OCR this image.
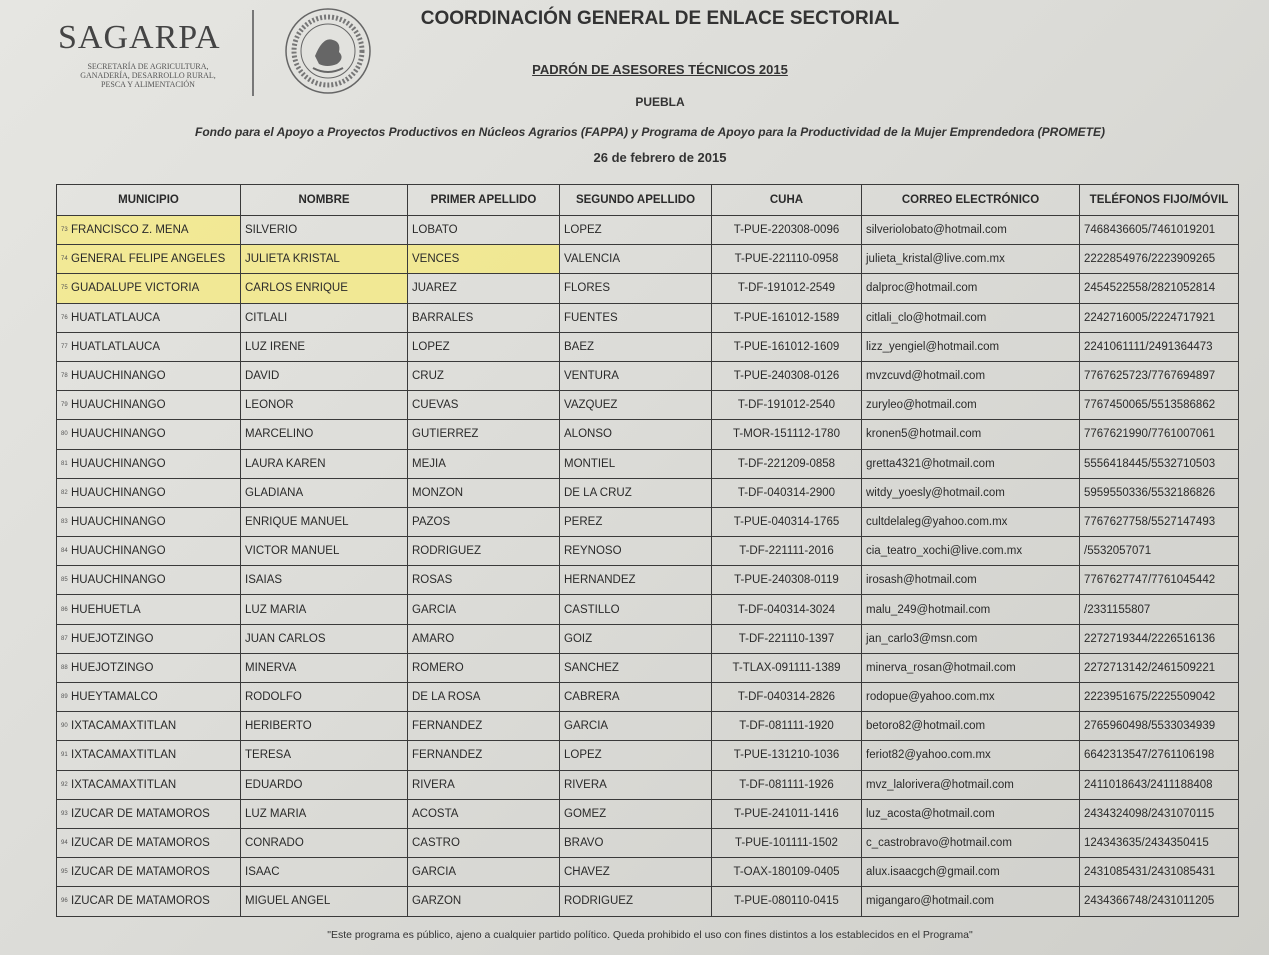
SAGARPA
SECRETARÍA DE AGRICULTURA,
GANADERÍA, DESARROLLO RURAL,
PESCA Y ALIMENTACIÓN
COORDINACIÓN GENERAL DE ENLACE SECTORIAL
PADRÓN DE ASESORES TÉCNICOS 2015
PUEBLA
Fondo para el Apoyo a Proyectos Productivos en Núcleos Agrarios (FAPPA) y Programa de Apoyo para la Productividad de la Mujer Emprendedora (PROMETE)
26 de febrero de 2015
MUNICIPIO	NOMBRE	PRIMER APELLIDO	SEGUNDO APELLIDO	CUHA	CORREO ELECTRÓNICO	TELÉFONOS FIJO/MÓVIL
73 FRANCISCO Z. MENA	SILVERIO	LOBATO	LOPEZ	T-PUE-220308-0096	silveriolobato@hotmail.com	7468436605/7461019201
74 GENERAL FELIPE ANGELES	JULIETA KRISTAL	VENCES	VALENCIA	T-PUE-221110-0958	julieta_kristal@live.com.mx	2222854976/2223909265
75 GUADALUPE VICTORIA	CARLOS ENRIQUE	JUAREZ	FLORES	T-DF-191012-2549	dalproc@hotmail.com	2454522558/2821052814
76 HUATLATLAUCA	CITLALI	BARRALES	FUENTES	T-PUE-161012-1589	citlali_clo@hotmail.com	2242716005/2224717921
77 HUATLATLAUCA	LUZ IRENE	LOPEZ	BAEZ	T-PUE-161012-1609	lizz_yengiel@hotmail.com	2241061111/2491364473
78 HUAUCHINANGO	DAVID	CRUZ	VENTURA	T-PUE-240308-0126	mvzcuvd@hotmail.com	7767625723/7767694897
79 HUAUCHINANGO	LEONOR	CUEVAS	VAZQUEZ	T-DF-191012-2540	zuryleo@hotmail.com	7767450065/5513586862
80 HUAUCHINANGO	MARCELINO	GUTIERREZ	ALONSO	T-MOR-151112-1780	kronen5@hotmail.com	7767621990/7761007061
81 HUAUCHINANGO	LAURA KAREN	MEJIA	MONTIEL	T-DF-221209-0858	gretta4321@hotmail.com	5556418445/5532710503
82 HUAUCHINANGO	GLADIANA	MONZON	DE LA CRUZ	T-DF-040314-2900	witdy_yoesly@hotmail.com	5959550336/5532186826
83 HUAUCHINANGO	ENRIQUE MANUEL	PAZOS	PEREZ	T-PUE-040314-1765	cultdelaleg@yahoo.com.mx	7767627758/5527147493
84 HUAUCHINANGO	VICTOR MANUEL	RODRIGUEZ	REYNOSO	T-DF-221111-2016	cia_teatro_xochi@live.com.mx	/5532057071
85 HUAUCHINANGO	ISAIAS	ROSAS	HERNANDEZ	T-PUE-240308-0119	irosash@hotmail.com	7767627747/7761045442
86 HUEHUETLA	LUZ MARIA	GARCIA	CASTILLO	T-DF-040314-3024	malu_249@hotmail.com	/2331155807
87 HUEJOTZINGO	JUAN CARLOS	AMARO	GOIZ	T-DF-221110-1397	jan_carlo3@msn.com	2272719344/2226516136
88 HUEJOTZINGO	MINERVA	ROMERO	SANCHEZ	T-TLAX-091111-1389	minerva_rosan@hotmail.com	2272713142/2461509221
89 HUEYTAMALCO	RODOLFO	DE LA ROSA	CABRERA	T-DF-040314-2826	rodopue@yahoo.com.mx	2223951675/2225509042
90 IXTACAMAXTITLAN	HERIBERTO	FERNANDEZ	GARCIA	T-DF-081111-1920	betoro82@hotmail.com	2765960498/5533034939
91 IXTACAMAXTITLAN	TERESA	FERNANDEZ	LOPEZ	T-PUE-131210-1036	feriot82@yahoo.com.mx	6642313547/2761106198
92 IXTACAMAXTITLAN	EDUARDO	RIVERA	RIVERA	T-DF-081111-1926	mvz_lalorivera@hotmail.com	2411018643/2411188408
93 IZUCAR DE MATAMOROS	LUZ MARIA	ACOSTA	GOMEZ	T-PUE-241011-1416	luz_acosta@hotmail.com	2434324098/2431070115
94 IZUCAR DE MATAMOROS	CONRADO	CASTRO	BRAVO	T-PUE-101111-1502	c_castrobravo@hotmail.com	124343635/2434350415
95 IZUCAR DE MATAMOROS	ISAAC	GARCIA	CHAVEZ	T-OAX-180109-0405	alux.isaacgch@gmail.com	2431085431/2431085431
96 IZUCAR DE MATAMOROS	MIGUEL ANGEL	GARZON	RODRIGUEZ	T-PUE-080110-0415	migangaro@hotmail.com	2434366748/2431011205
"Este programa es público, ajeno a cualquier partido político. Queda prohibido el uso con fines distintos a los establecidos en el Programa"
